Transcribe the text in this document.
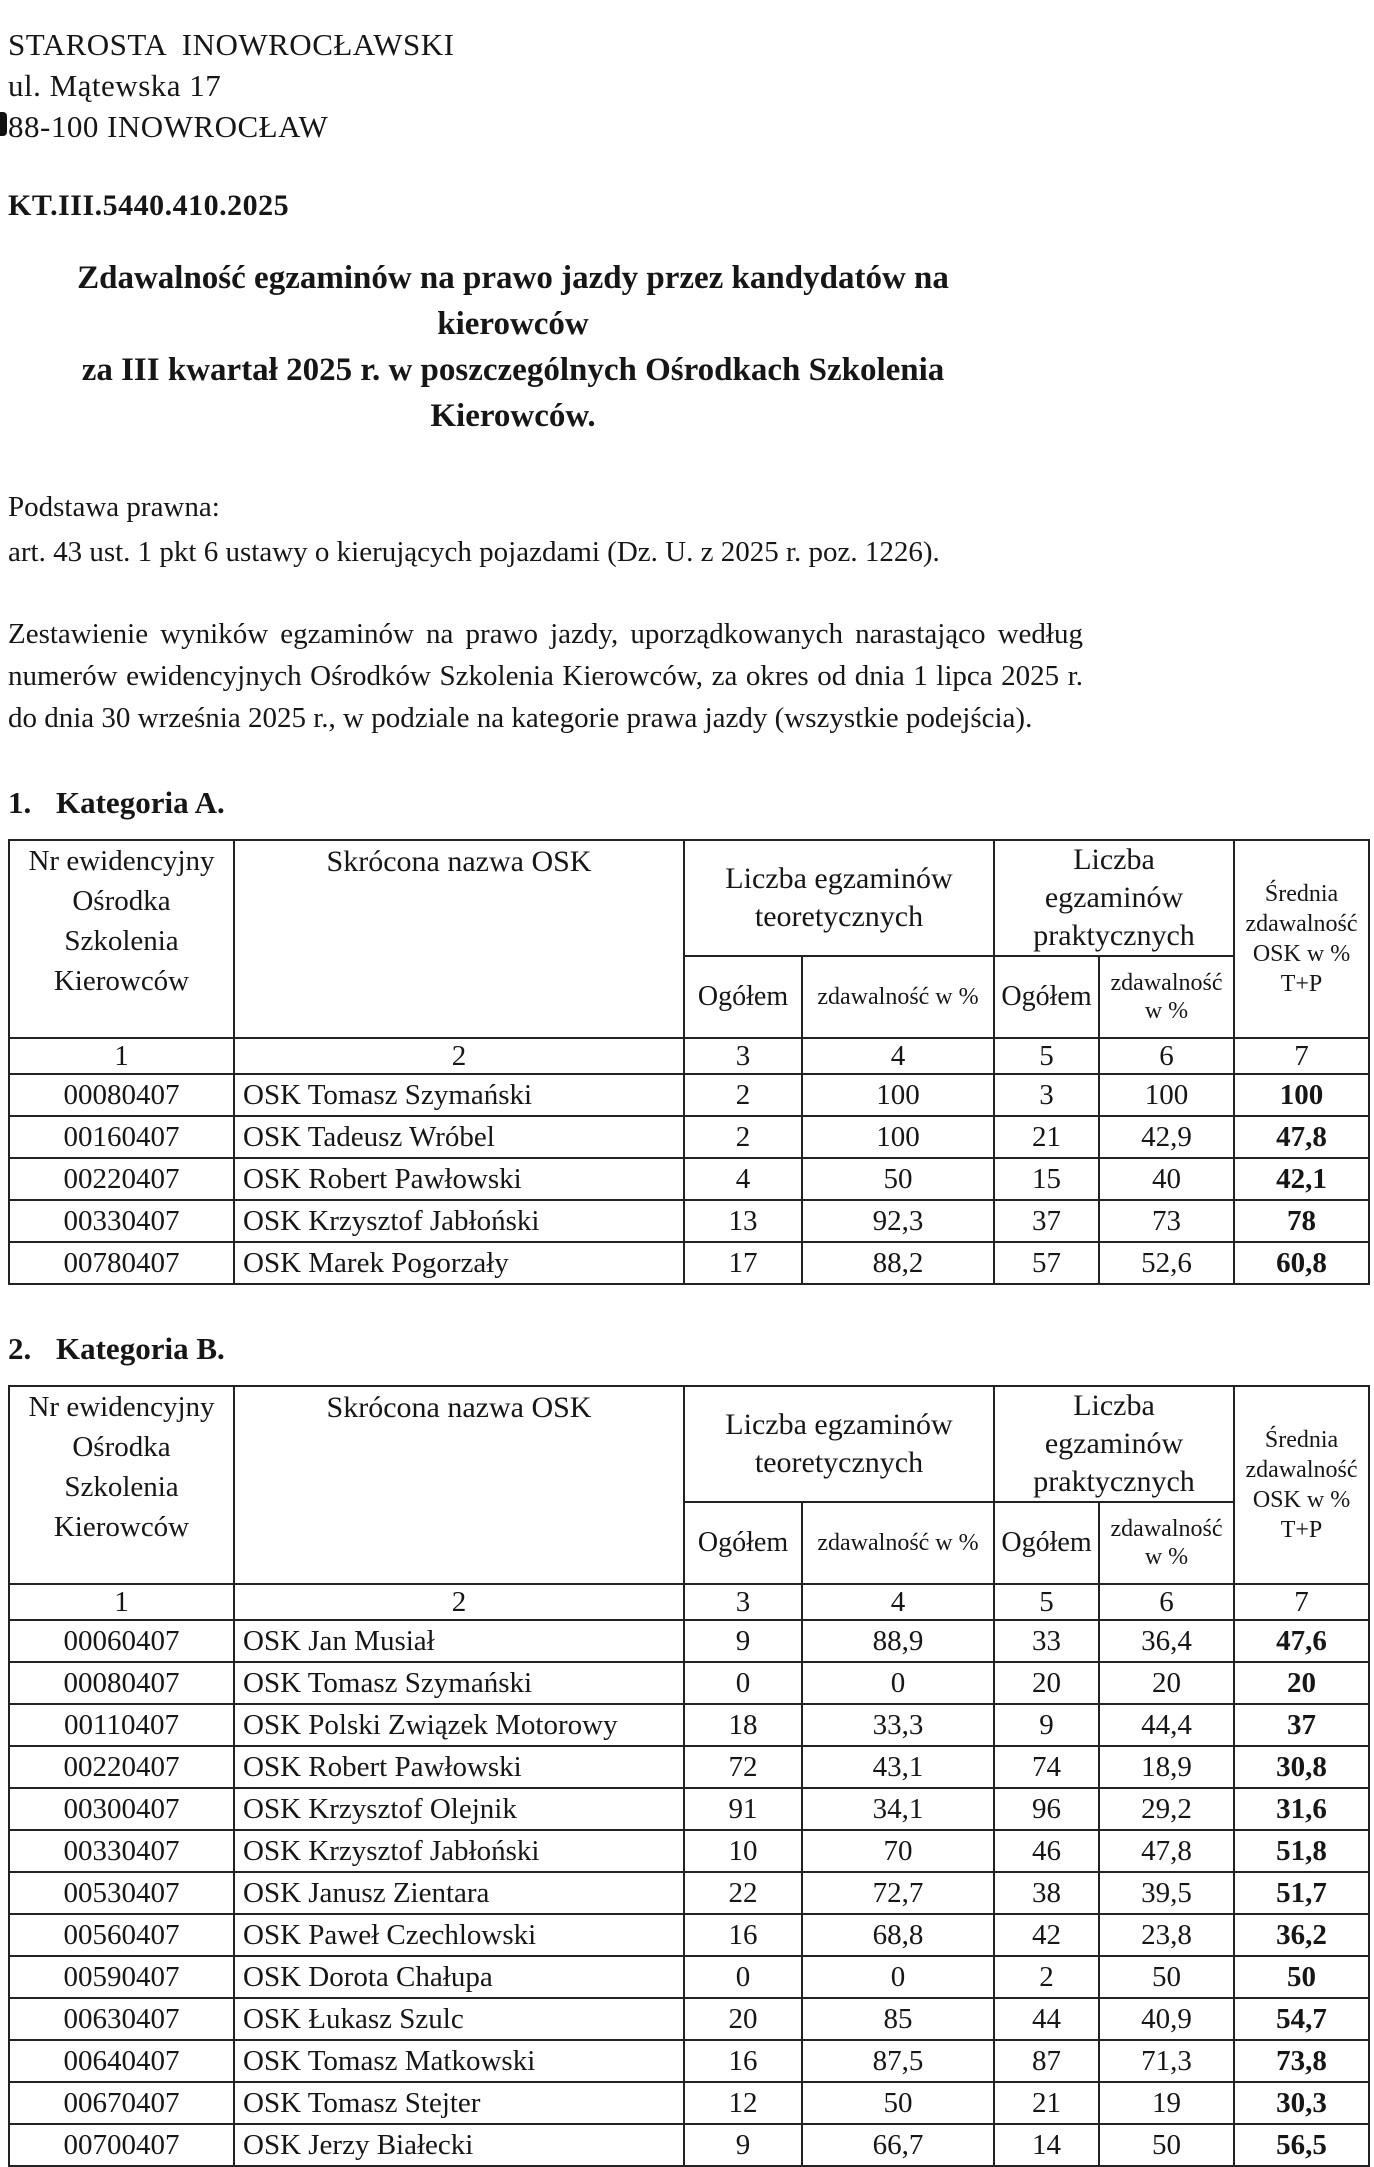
STAROSTA INOWROCŁAWSKI
ul. Mątewska 17
88-100 INOWROCŁAW
KT.III.5440.410.2025
Zdawalność egzaminów na prawo jazdy przez kandydatów na kierowców
za III kwartał 2025 r. w poszczególnych Ośrodkach Szkolenia Kierowców.
Podstawa prawna:
art. 43 ust. 1 pkt 6 ustawy o kierujących pojazdami (Dz. U. z 2025 r. poz. 1226).

Zestawienie wyników egzaminów na prawo jazdy, uporządkowanych narastająco według numerów ewidencyjnych Ośrodków Szkolenia Kierowców, za okres od dnia 1 lipca 2025 r. do dnia 30 września 2025 r., w podziale na kategorie prawa jazdy (wszystkie podejścia).

1. Kategoria A.
Nr ewidencyjny Ośrodka Szkolenia Kierowców	Skrócona nazwa OSK	Liczba egzaminów teoretycznych		Liczba egzaminów praktycznych		Średnia zdawalność OSK w % T+P
		Ogółem	zdawalność w %	Ogółem	zdawalność w %	
1	2	3	4	5	6	7
00080407	OSK Tomasz Szymański	2	100	3	100	100
00160407	OSK Tadeusz Wróbel	2	100	21	42,9	47,8
00220407	OSK Robert Pawłowski	4	50	15	40	42,1
00330407	OSK Krzysztof Jabłoński	13	92,3	37	73	78
00780407	OSK Marek Pogorzały	17	88,2	57	52,6	60,8
2. Kategoria B.
Nr ewidencyjny Ośrodka Szkolenia Kierowców	Skrócona nazwa OSK	Liczba egzaminów teoretycznych		Liczba egzaminów praktycznych		Średnia zdawalność OSK w % T+P
		Ogółem	zdawalność w %	Ogółem	zdawalność w %	
1	2	3	4	5	6	7
00060407	OSK Jan Musiał	9	88,9	33	36,4	47,6
00080407	OSK Tomasz Szymański	0	0	20	20	20
00110407	OSK Polski Związek Motorowy	18	33,3	9	44,4	37
00220407	OSK Robert Pawłowski	72	43,1	74	18,9	30,8
00300407	OSK Krzysztof Olejnik	91	34,1	96	29,2	31,6
00330407	OSK Krzysztof Jabłoński	10	70	46	47,8	51,8
00530407	OSK Janusz Zientara	22	72,7	38	39,5	51,7
00560407	OSK Paweł Czechlowski	16	68,8	42	23,8	36,2
00590407	OSK Dorota Chałupa	0	0	2	50	50
00630407	OSK Łukasz Szulc	20	85	44	40,9	54,7
00640407	OSK Tomasz Matkowski	16	87,5	87	71,3	73,8
00670407	OSK Tomasz Stejter	12	50	21	19	30,3
00700407	OSK Jerzy Białecki	9	66,7	14	50	56,5
